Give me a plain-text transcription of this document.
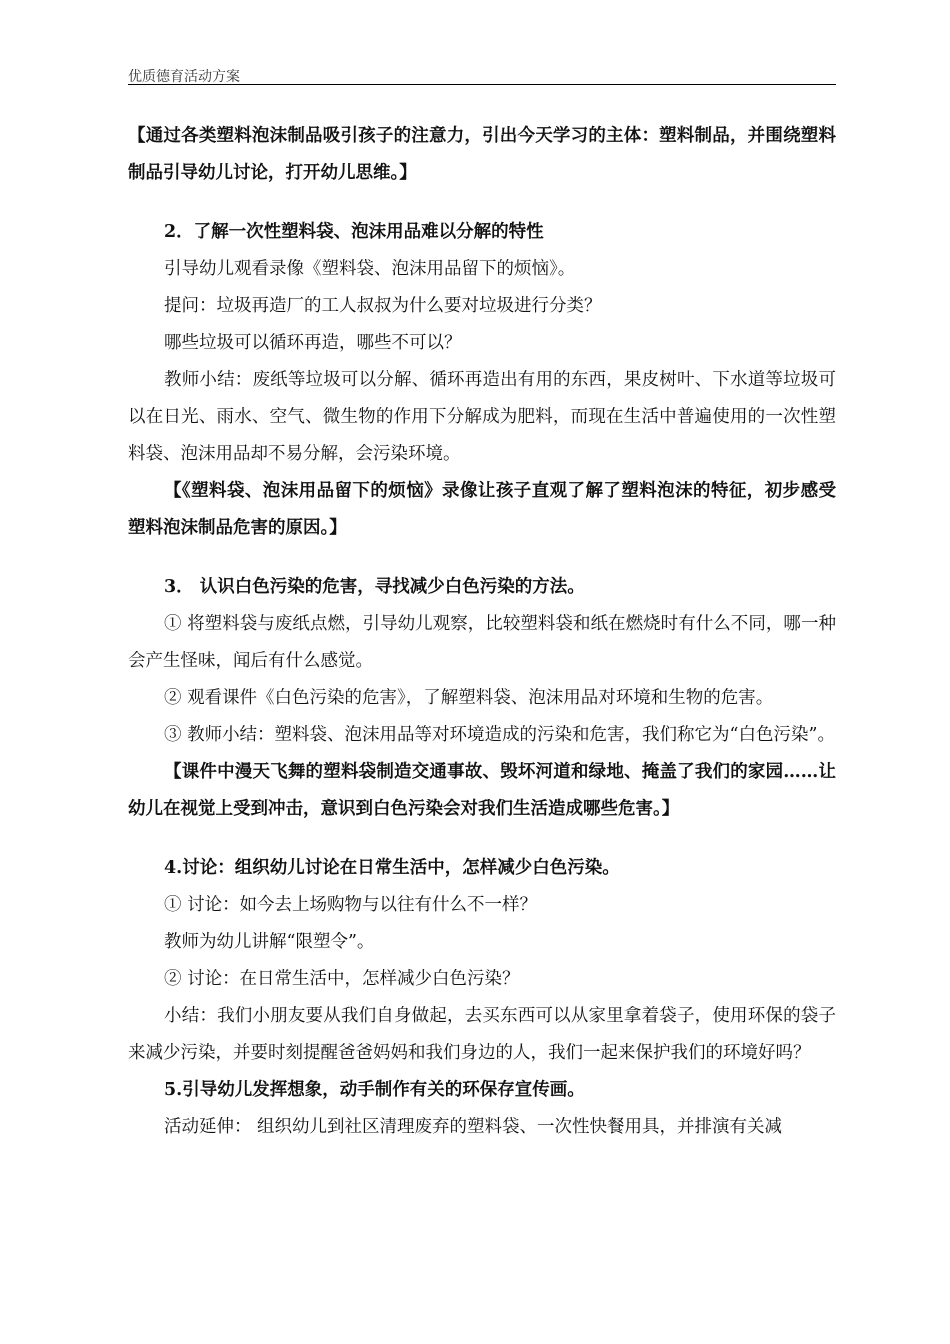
优质德育活动方案

【通过各类塑料泡沫制品吸引孩子的注意力，引出今天学习的主体：塑料制品，并围绕塑料制品引导幼儿讨论，打开幼儿思维。】

2．了解一次性塑料袋、泡沫用品难以分解的特性

引导幼儿观看录像《塑料袋、泡沫用品留下的烦恼》。

提问：垃圾再造厂的工人叔叔为什么要对垃圾进行分类？

哪些垃圾可以循环再造，哪些不可以？

教师小结：废纸等垃圾可以分解、循环再造出有用的东西，果皮树叶、下水道等垃圾可以在日光、雨水、空气、微生物的作用下分解成为肥料，而现在生活中普遍使用的一次性塑料袋、泡沫用品却不易分解，会污染环境。

【《塑料袋、泡沫用品留下的烦恼》录像让孩子直观了解了塑料泡沫的特征，初步感受塑料泡沫制品危害的原因。】

3． 认识白色污染的危害，寻找减少白色污染的方法。

① 将塑料袋与废纸点燃，引导幼儿观察，比较塑料袋和纸在燃烧时有什么不同，哪一种会产生怪味，闻后有什么感觉。

② 观看课件《白色污染的危害》，了解塑料袋、泡沫用品对环境和生物的危害。

③ 教师小结：塑料袋、泡沫用品等对环境造成的污染和危害，我们称它为“白色污染”。

【课件中漫天飞舞的塑料袋制造交通事故、毁坏河道和绿地、掩盖了我们的家园……让幼儿在视觉上受到冲击，意识到白色污染会对我们生活造成哪些危害。】

4.讨论：组织幼儿讨论在日常生活中，怎样减少白色污染。

① 讨论：如今去上场购物与以往有什么不一样？

教师为幼儿讲解“限塑令”。

② 讨论：在日常生活中，怎样减少白色污染？

小结：我们小朋友要从我们自身做起，去买东西可以从家里拿着袋子，使用环保的袋子来减少污染，并要时刻提醒爸爸妈妈和我们身边的人，我们一起来保护我们的环境好吗？

5.引导幼儿发挥想象，动手制作有关的环保存宣传画。

活动延伸： 组织幼儿到社区清理废弃的塑料袋、一次性快餐用具，并排演有关减
